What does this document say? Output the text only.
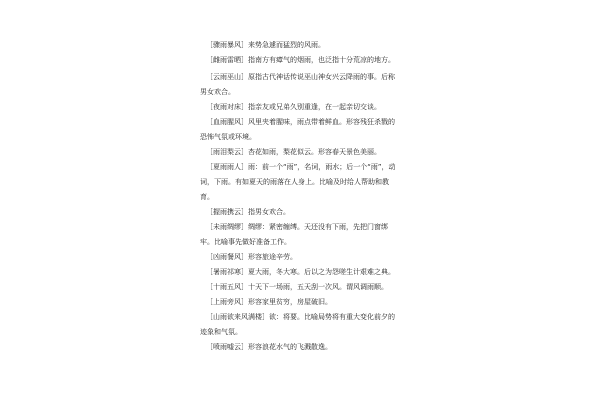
［骤雨暴风］来势急遽而猛烈的风雨。
［雌雨雷晒］指南方有瘴气的烟雨，也泛指十分荒凉的地方。
［云雨巫山］原指古代神话传说巫山神女兴云降雨的事。后称男女欢合。
［夜雨对床］指亲友或兄弟久别重逢，在一起亲切交谈。
［血雨腥风］风里夹着腥味，雨点带着鲜血。形容残狂杀戮的恐怖气氛或环境。
［雨泪梨云］杏花如雨，梨花似云。形容春天景色美丽。
［夏雨雨人］雨：前一个“雨”，名词，雨水；后一个“雨”，动词，下雨。有如夏天的雨落在人身上。比喻及时给人帮助和教育。
［握雨携云］指男女欢合。
［未雨绸缪］绸缪：紧密缠缚。天还没有下雨，先把门窗绑牢。比喻事先做好准备工作。
［凶雨餐风］形容旅途辛劳。
［暑雨祁寒］夏大雨，冬大寒。后以之为怨嗟生计艰难之典。
［十雨五风］十天下一场雨，五天刮一次风。谓风调雨顺。
［上雨旁风］形容家里贫穷，房屋破旧。
［山雨欲来风满楼］欲：将要。比喻局势将有重大变化前夕的迹象和气氛。
［喷雨嘘云］形容浪花水气的飞溅散逸。
